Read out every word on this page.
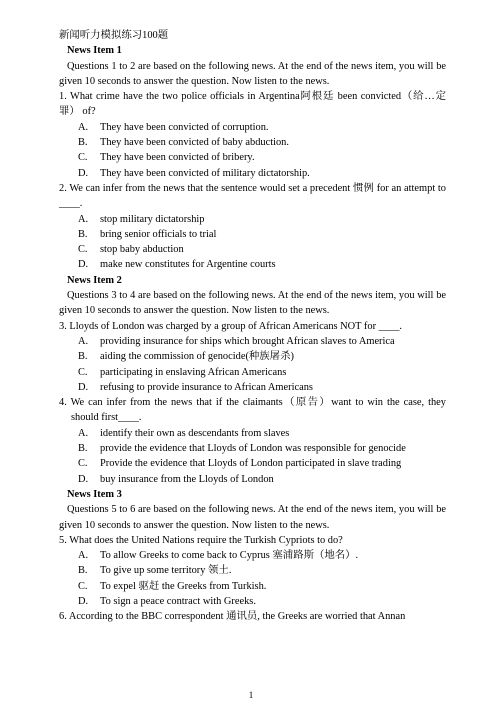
新闻听力模拟练习100题
News Item 1
Questions 1 to 2 are based on the following news. At the end of the news item, you will be given 10 seconds to answer the question. Now listen to the news.
1. What crime have the two police officials in Argentina阿根廷 been convicted（给…定罪） of?
A.	They have been convicted of corruption.
B.	They have been convicted of baby abduction.
C.	They have been convicted of bribery.
D.	They have been convicted of military dictatorship.
2. We can infer from the news that the sentence would set a precedent 惯例 for an attempt to ____.
A.	stop military dictatorship
B.	bring senior officials to trial
C.	stop baby abduction
D.	make new constitutes for Argentine courts
News Item 2
Questions 3 to 4 are based on the following news. At the end of the news item, you will be given 10 seconds to answer the question. Now listen to the news.
3. Lloyds of London was charged by a group of African Americans NOT for ____.
A.	providing insurance for ships which brought African slaves to America
B.	aiding the commission of genocide(种族屠杀)
C.	participating in enslaving African Americans
D.	refusing to provide insurance to African Americans
4. We can infer from the news that if the claimants（原告）want to win the case, they should first____.
A.	identify their own as descendants from slaves
B.	provide the evidence that Lloyds of London was responsible for genocide
C.	Provide the evidence that Lloyds of London participated in slave trading
D.	buy insurance from the Lloyds of London
News Item 3
Questions 5 to 6 are based on the following news. At the end of the news item, you will be given 10 seconds to answer the question. Now listen to the news.
5. What does the United Nations require the Turkish Cypriots to do?
A.	To allow Greeks to come back to Cyprus 塞浦路斯（地名）.
B.	To give up some territory 领土.
C.	To expel 驱赶 the Greeks from Turkish.
D.	To sign a peace contract with Greeks.
6. According to the BBC correspondent 通讯员, the Greeks are worried that Annan
1
